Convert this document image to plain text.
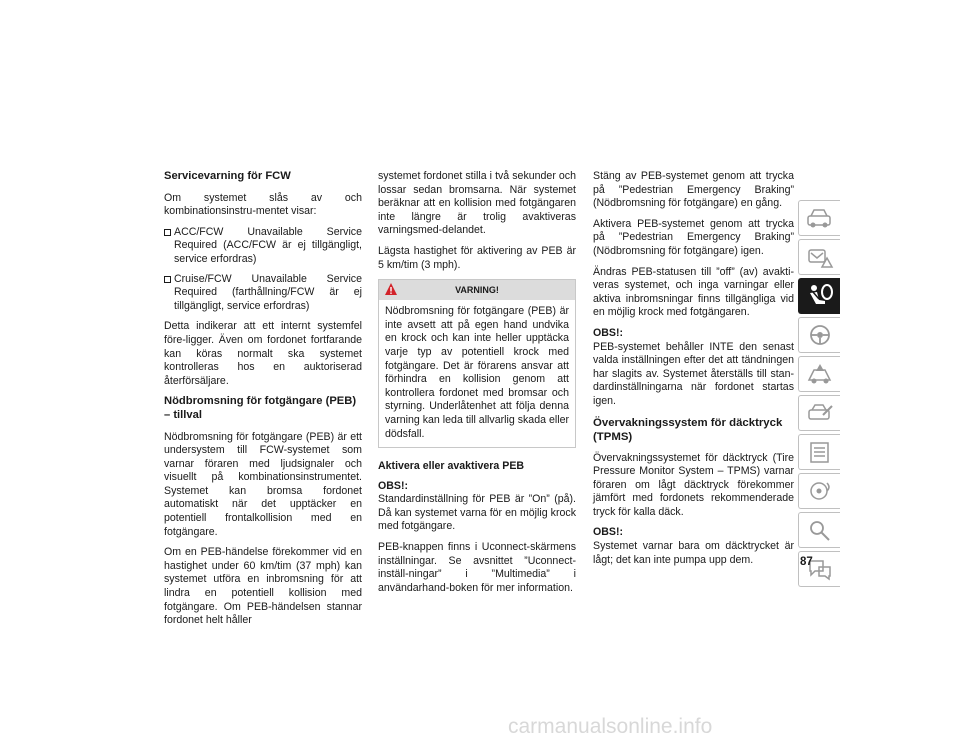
Servicevarning för FCW

Om systemet slås av och kombinationsinstru-mentet visar:

ACC/FCW Unavailable Service Required (ACC/FCW är ej tillgängligt, service erfordras)
Cruise/FCW Unavailable Service Required (farthållning/FCW är ej tillgängligt, service erfordras)

Detta indikerar att ett internt systemfel före-ligger. Även om fordonet fortfarande kan köras normalt ska systemet kontrolleras hos en auktoriserad återförsäljare.

Nödbromsning för fotgängare (PEB) – tillval

Nödbromsning för fotgängare (PEB) är ett undersystem till FCW-systemet som varnar föraren med ljudsignaler och visuellt på kombinationsinstrumentet. Systemet kan bromsa fordonet automatiskt när det upptäcker en potentiell frontalkollision med en fotgängare.

Om en PEB-händelse förekommer vid en hastighet under 60 km/tim (37 mph) kan systemet utföra en inbromsning för att lindra en potentiell kollision med fotgängare. Om PEB-händelsen stannar fordonet helt håller

systemet fordonet stilla i två sekunder och lossar sedan bromsarna. När systemet beräknar att en kollision med fotgängaren inte längre är trolig avaktiveras varningsmed-delandet.

Lägsta hastighet för aktivering av PEB är 5 km/tim (3 mph).

VARNING!

Nödbromsning för fotgängare (PEB) är inte avsett att på egen hand undvika en krock och kan inte heller upptäcka varje typ av potentiell krock med fotgängare. Det är förarens ansvar att förhindra en kollision genom att kontrollera fordonet med bromsar och styrning. Underlåtenhet att följa denna varning kan leda till allvarlig skada eller dödsfall.

Aktivera eller avaktivera PEB

OBS!:
Standardinställning för PEB är ”On” (på). Då kan systemet varna för en möjlig krock med fotgängare.

PEB-knappen finns i Uconnect-skärmens inställningar. Se avsnittet ”Uconnect-inställ-ningar” i ”Multimedia” i användarhand-boken för mer information.

Stäng av PEB-systemet genom att trycka på ”Pedestrian Emergency Braking” (Nödbromsning för fotgängare) en gång.

Aktivera PEB-systemet genom att trycka på ”Pedestrian Emergency Braking” (Nödbromsning för fotgängare) igen.

Ändras PEB-statusen till ”off” (av) avakti-veras systemet, och inga varningar eller aktiva inbromsningar finns tillgängliga vid en möjlig krock med fotgängaren.

OBS!:
PEB-systemet behåller INTE den senast valda inställningen efter det att tändningen har slagits av. Systemet återställs till stan-dardinställningarna när fordonet startas igen.

Övervakningssystem för däcktryck (TPMS)

Övervakningssystemet för däcktryck (Tire Pressure Monitor System – TPMS) varnar föraren om lågt däcktryck förekommer jämfört med fordonets rekommenderade tryck för kalla däck.

OBS!:
Systemet varnar bara om däcktrycket är lågt; det kan inte pumpa upp dem.	87
carmanualsonline.info
